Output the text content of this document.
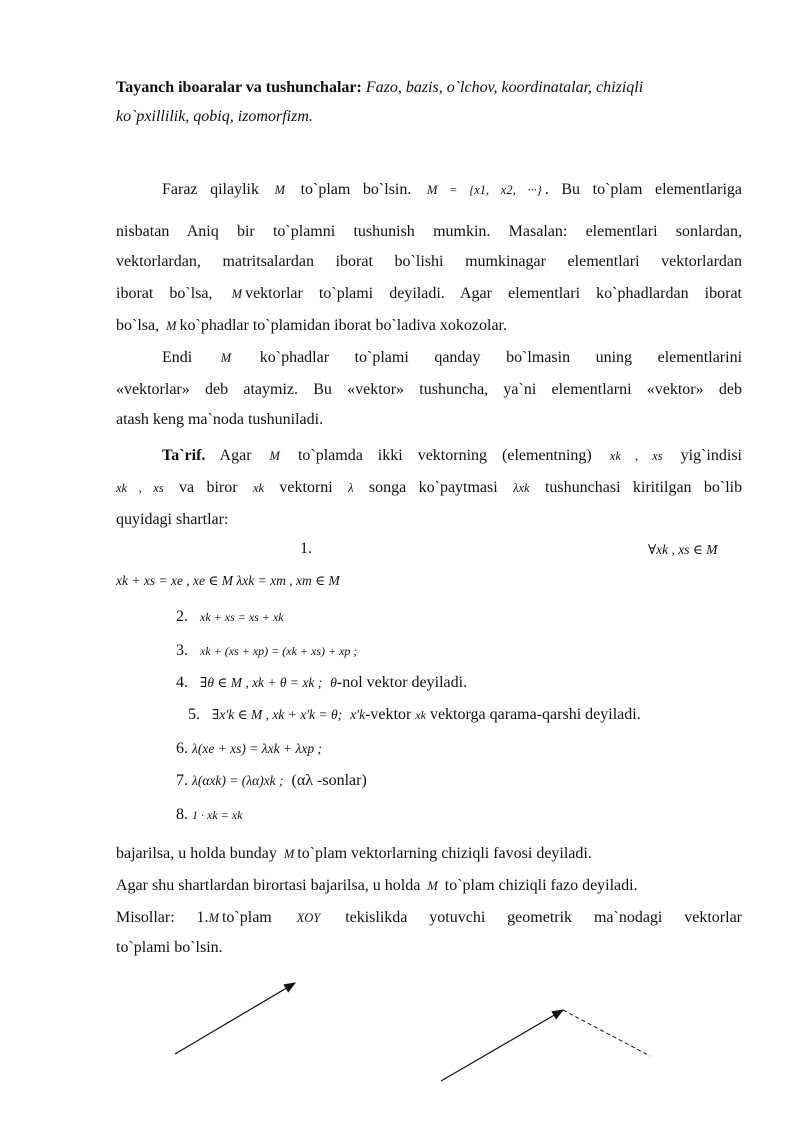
Tayanch iboaralar va tushunchalar: Fazo, bazis, o`lchov, koordinatalar, chiziqli
ko`pxillilik, qobiq, izomorfizm.
Faraz qilaylik M to`plam bo`lsin. M = {x1, x2, ···} . Bu to`plam elementlariga
nisbatan Aniq bir to`plamni tushunish mumkin. Masalan: elementlari sonlardan,
vektorlardan, matritsalardan iborat bo`lishi mumkinagar elementlari vektorlardan
iborat bo`lsa, M vektorlar to`plami deyiladi. Agar elementlari ko`phadlardan iborat
bo`lsa, M ko`phadlar to`plamidan iborat bo`ladiva xokozolar.
Endi M ko`phadlar to`plami qanday bo`lmasin uning elementlarini
«vektorlar» deb ataymiz. Bu «vektor» tushuncha, ya`ni elementlarni «vektor» deb
atash keng ma`noda tushuniladi.
Ta`rif. Agar M to`plamda ikki vektorning (elementning) xk , xs yig`indisi
xk , xs va biror xk vektorni λ songa ko`paytmasi λxk tushunchasi kiritilgan bo`lib
quyidagi shartlar:
1.	∀xk , xs ∈ M
xk + xs = xe , xe ∈ M λxk = xm , xm ∈ M
2. xk + xs = xs + xk
3. xk + (xs + xp) = (xk + xs) + xp ;
4. ∃θ ∈ M , xk + θ = xk ; θ-nol vektor deyiladi.
5. ∃x′k ∈ M , xk + x′k = θ; x′k-vektor xk vektorga qarama-qarshi deyiladi.
6. λ(xe + xs) = λxk + λxp ;
7. λ(αxk) = (λα)xk ; (αλ -sonlar)
8. 1 · xk = xk
bajarilsa, u holda bunday M to`plam vektorlarning chiziqli favosi deyiladi.
Agar shu shartlardan birortasi bajarilsa, u holda M to`plam chiziqli fazo deyiladi.
Misollar: 1.M to`plam XOY tekislikda yotuvchi geometrik ma`nodagi vektorlar
to`plami bo`lsin.
